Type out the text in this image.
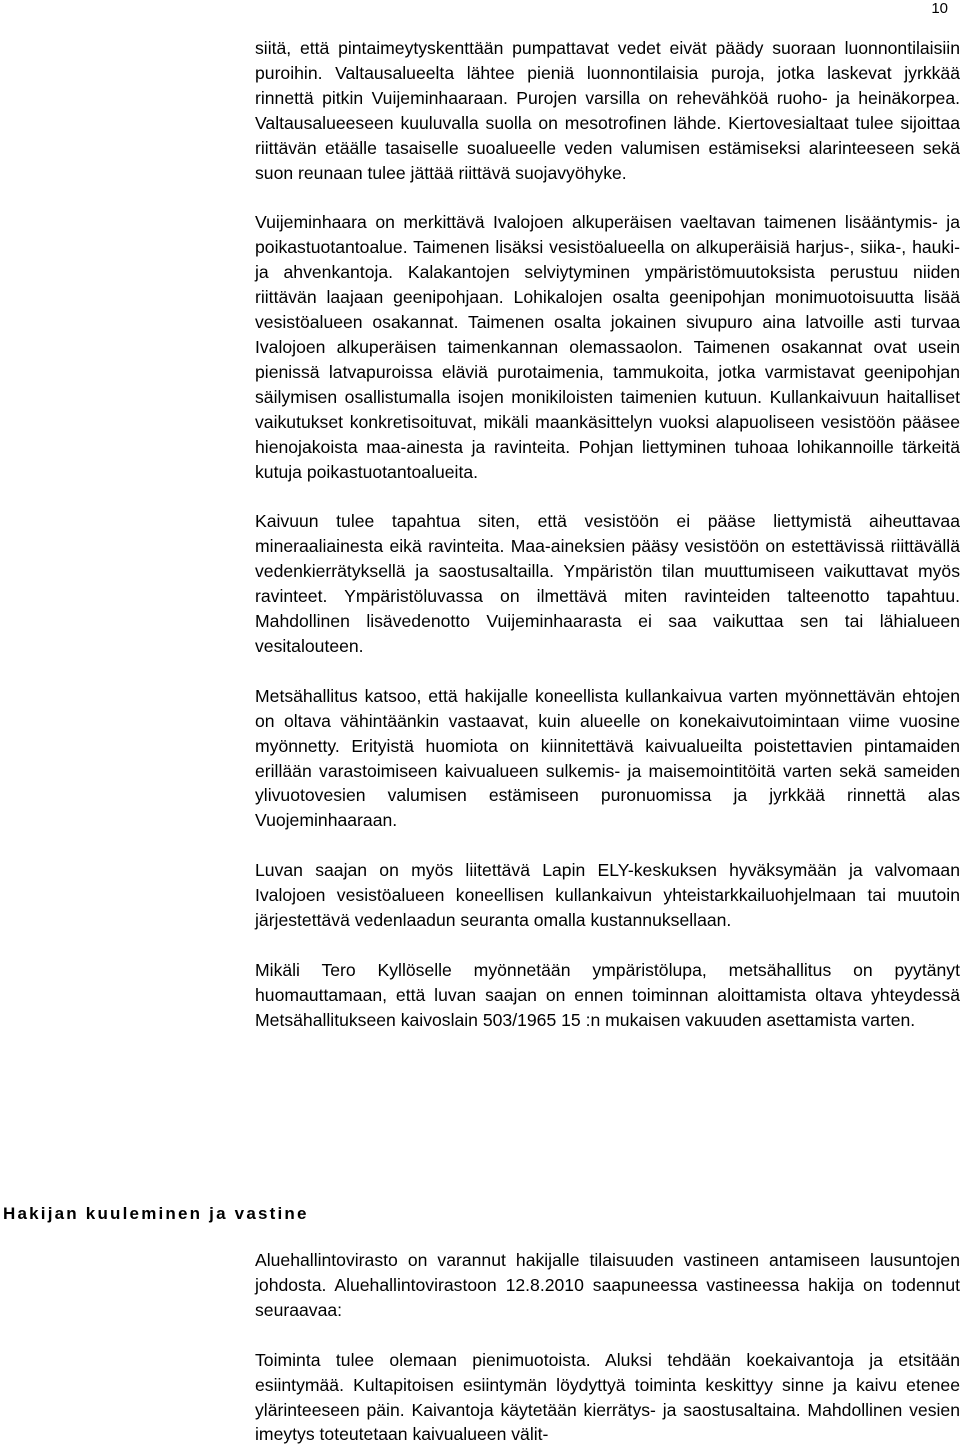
10

siitä, että pintaimeytyskenttään pumpattavat vedet eivät päädy suoraan luonnontilaisiin puroihin. Valtausalueelta lähtee pieniä luonnontilaisia puroja, jotka laskevat jyrkkää rinnettä pitkin Vuijeminhaaraan. Purojen varsilla on rehevähköä ruoho- ja heinäkorpea. Valtausalueeseen kuuluvalla suolla on mesotrofinen lähde. Kiertovesialtaat tulee sijoittaa riittävän etäälle tasaiselle suoalueelle veden valumisen estämiseksi alarinteeseen sekä suon reunaan tulee jättää riittävä suojavyöhyke.

Vuijeminhaara on merkittävä Ivalojoen alkuperäisen vaeltavan taimenen lisääntymis- ja poikastuotantoalue. Taimenen lisäksi vesistöalueella on alkuperäisiä harjus-, siika-, hauki- ja ahvenkantoja. Kalakantojen selviytyminen ympäristömuutoksista perustuu niiden riittävän laajaan geenipohjaan. Lohikalojen osalta geenipohjan monimuotoisuutta lisää vesistöalueen osakannat. Taimenen osalta jokainen sivupuro aina latvoille asti turvaa Ivalojoen alkuperäisen taimenkannan olemassaolon. Taimenen osakannat ovat usein pienissä latvapuroissa eläviä purotaimenia, tammukoita, jotka varmistavat geenipohjan säilymisen osallistumalla isojen monikiloisten taimenien kutuun. Kullankaivuun haitalliset vaikutukset konkretisoituvat, mikäli maankäsittelyn vuoksi alapuoliseen vesistöön pääsee hienojakoista maa-ainesta ja ravinteita. Pohjan liettyminen tuhoaa lohikannoille tärkeitä kutuja poikastuotantoalueita.

Kaivuun tulee tapahtua siten, että vesistöön ei pääse liettymistä aiheuttavaa mineraaliainesta eikä ravinteita. Maa-aineksien pääsy vesistöön on estettävissä riittävällä vedenkierrätyksellä ja saostusaltailla. Ympäristön tilan muuttumiseen vaikuttavat myös ravinteet. Ympäristöluvassa on ilmettävä miten ravinteiden talteenotto tapahtuu. Mahdollinen lisävedenotto Vuijeminhaarasta ei saa vaikuttaa sen tai lähialueen vesitalouteen.

Metsähallitus katsoo, että hakijalle koneellista kullankaivua varten myönnettävän ehtojen on oltava vähintäänkin vastaavat, kuin alueelle on konekaivutoimintaan viime vuosine myönnetty. Erityistä huomiota on kiinnitettävä kaivualueilta poistettavien pintamaiden erillään varastoimiseen kaivualueen sulkemis- ja maisemointitöitä varten sekä sameiden ylivuotovesien valumisen estämiseen puronuomissa ja jyrkkää rinnettä alas Vuojeminhaaraan.

Luvan saajan on myös liitettävä Lapin ELY-keskuksen hyväksymään ja valvomaan Ivalojoen vesistöalueen koneellisen kullankaivun yhteistarkkailuohjelmaan tai muutoin järjestettävä vedenlaadun seuranta omalla kustannuksellaan.

Mikäli Tero Kyllöselle myönnetään ympäristölupa, metsähallitus on pyytänyt huomauttamaan, että luvan saajan on ennen toiminnan aloittamista oltava yhteydessä Metsähallitukseen kaivoslain 503/1965 15 :n mukaisen vakuuden asettamista varten.

Hakijan kuuleminen ja vastine

Aluehallintovirasto on varannut hakijalle tilaisuuden vastineen antamiseen lausuntojen johdosta. Aluehallintovirastoon 12.8.2010 saapuneessa vastineessa hakija on todennut seuraavaa:

Toiminta tulee olemaan pienimuotoista. Aluksi tehdään koekaivantoja ja etsitään esiintymää. Kultapitoisen esiintymän löydyttyä toiminta keskittyy sinne ja kaivu etenee ylärinteeseen päin. Kaivantoja käytetään kierrätys- ja saostusaltaina. Mahdollinen vesien imeytys toteutetaan kaivualueen välit-
